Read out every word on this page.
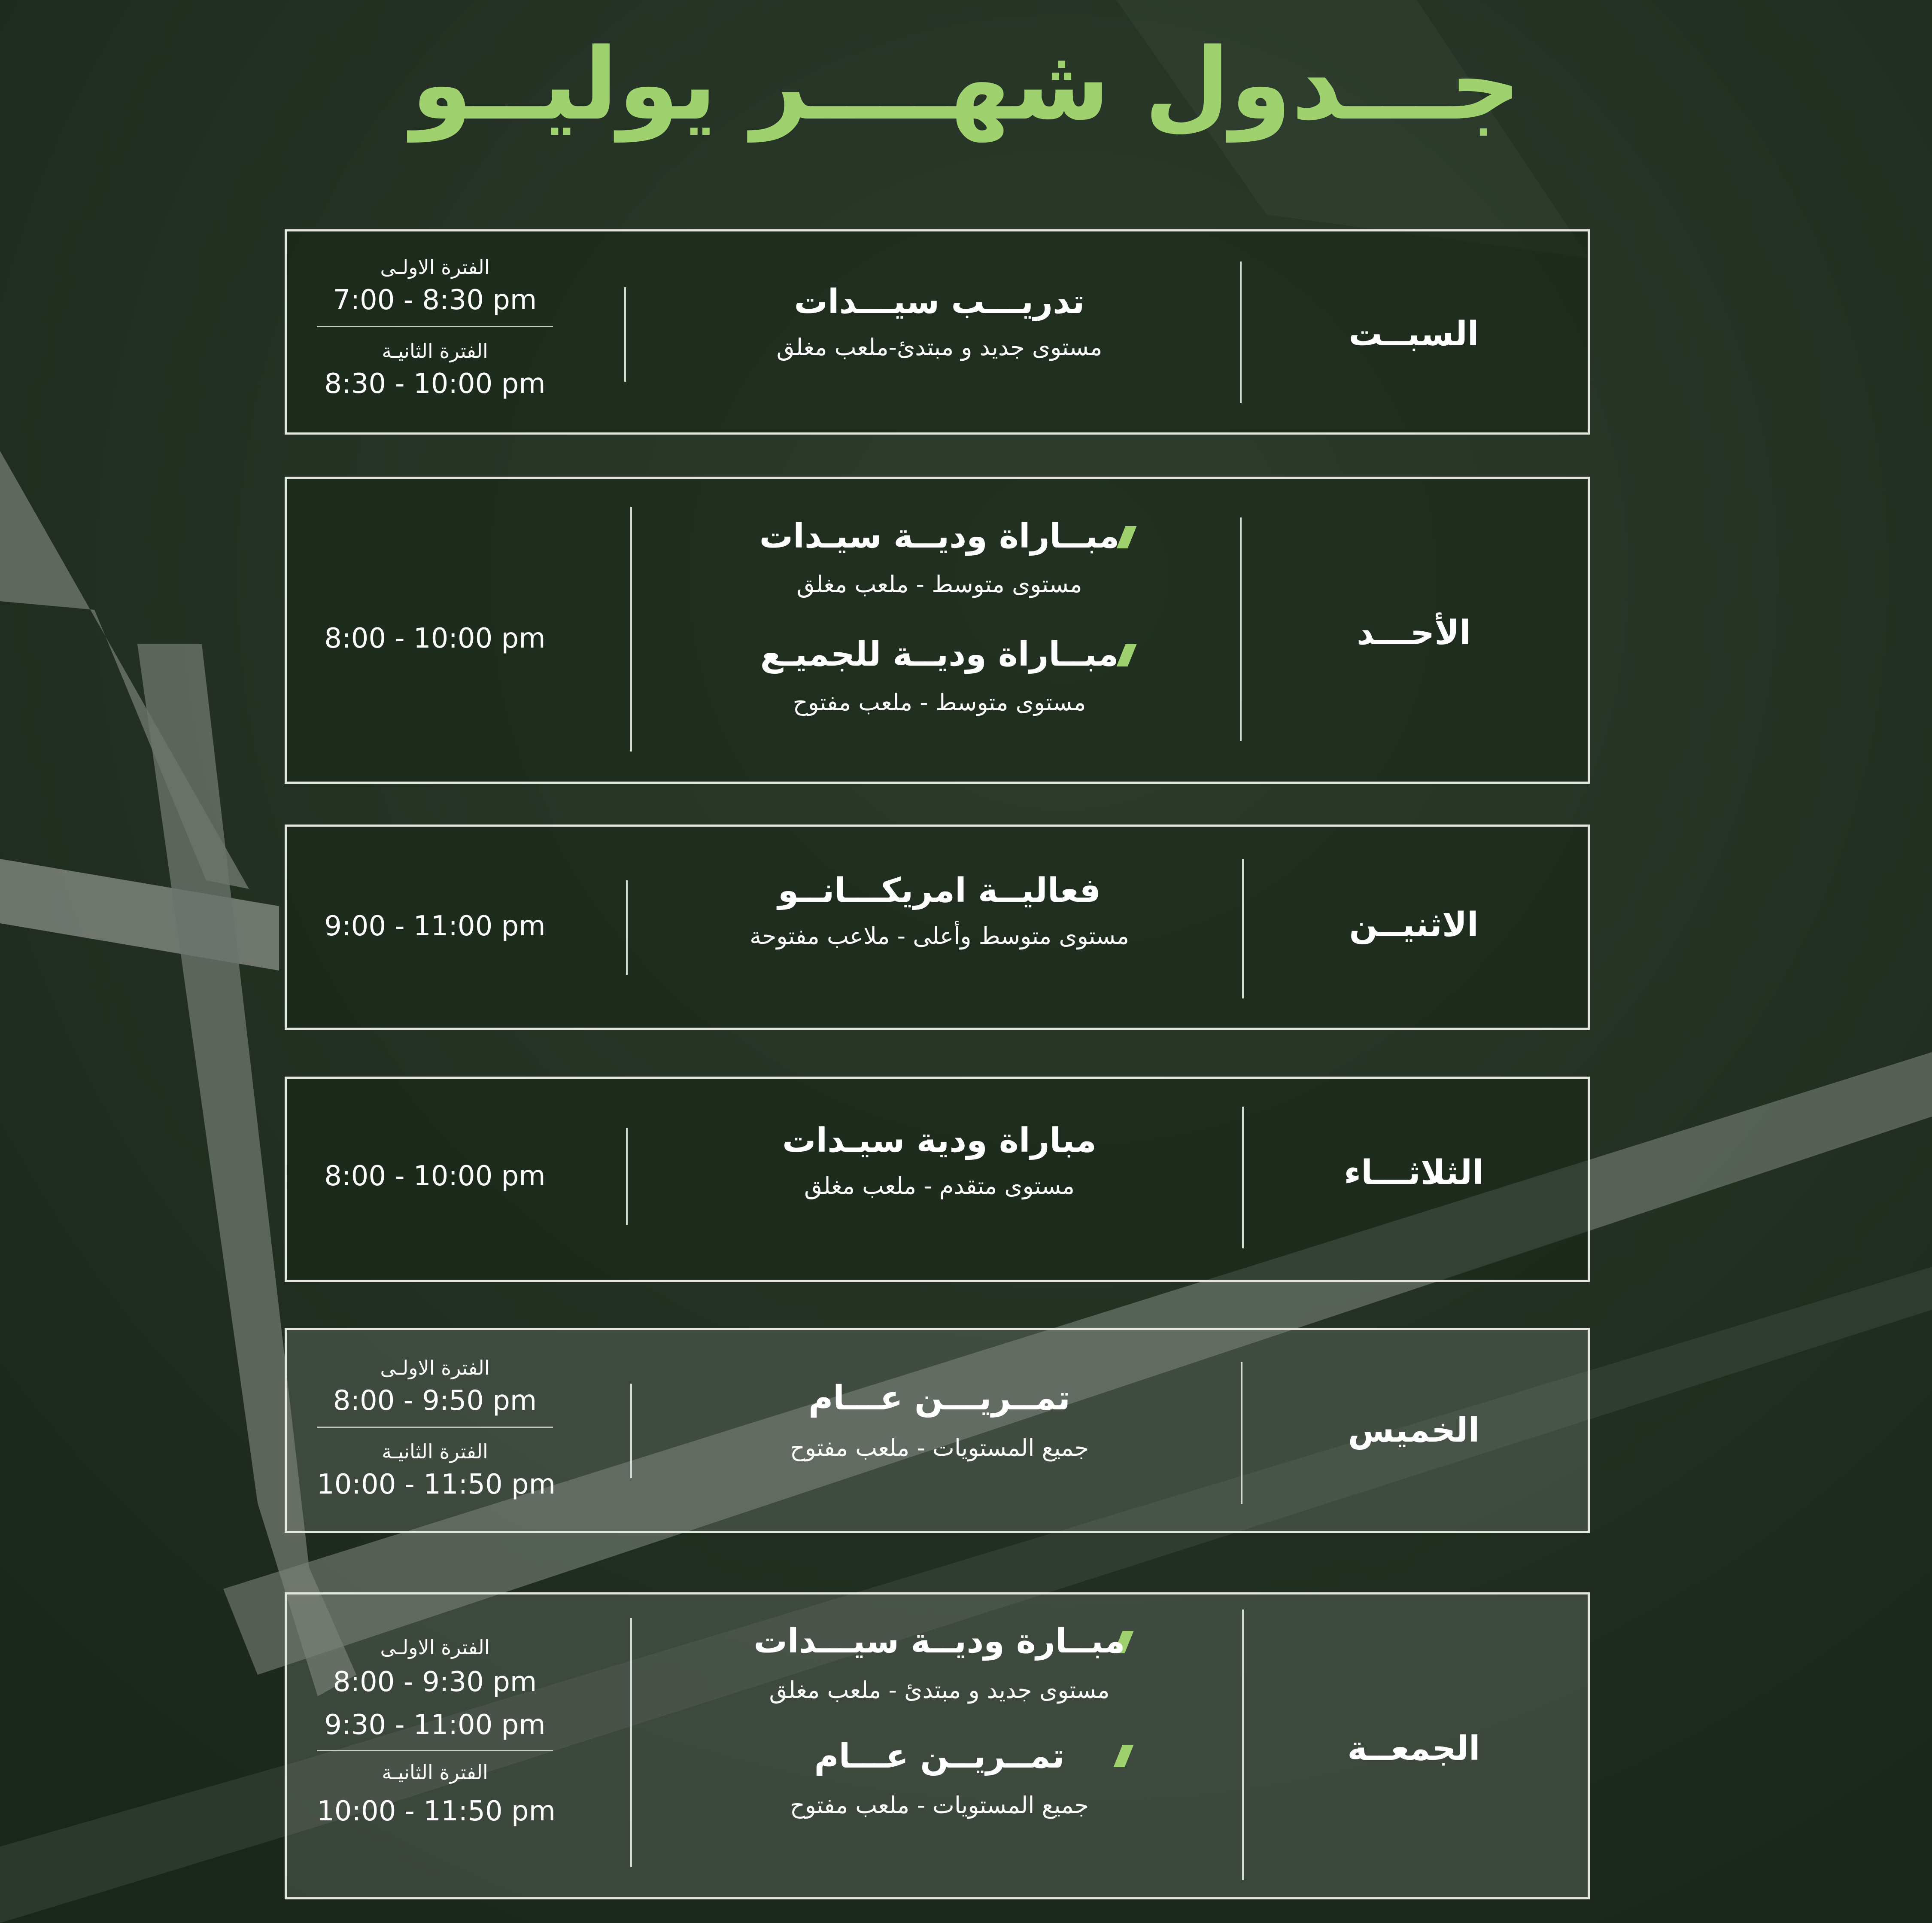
جـــدول شهــــر يوليــو
السبــت
تدريـــب سيـــدات
مستوى جديد و مبتدئ-ملعب مغلق
الفترة الاولـى
7:00 - 8:30 pm
الفترة الثانيـة
8:30 - 10:00 pm
الأحـــد
مبــاراة وديــة سيـدات
مستوى متوسط - ملعب مغلق
مبــاراة وديــة للجميـع
مستوى متوسط - ملعب مفتوح
8:00 - 10:00 pm
الاثنيــن
فعاليــة امريكـــانــو
مستوى متوسط وأعلى - ملاعب مفتوحة
9:00 - 11:00 pm
الثلاثـــاء
مباراة ودية سيـدات
مستوى متقدم - ملعب مغلق
8:00 - 10:00 pm
الخميس
تمــريـــن عـــام
جميع المستويات - ملعب مفتوح
الفترة الاولـى
8:00 - 9:50 pm
الفترة الثانيـة
10:00 - 11:50 pm
الجمعــة
مبــارة وديــة سيـــدات
مستوى جديد و مبتدئ - ملعب مغلق
تمــريــن عـــام
جميع المستويات - ملعب مفتوح
الفترة الاولـى
8:00 - 9:30 pm
9:30 - 11:00 pm
الفترة الثانيـة
10:00 - 11:50 pm
